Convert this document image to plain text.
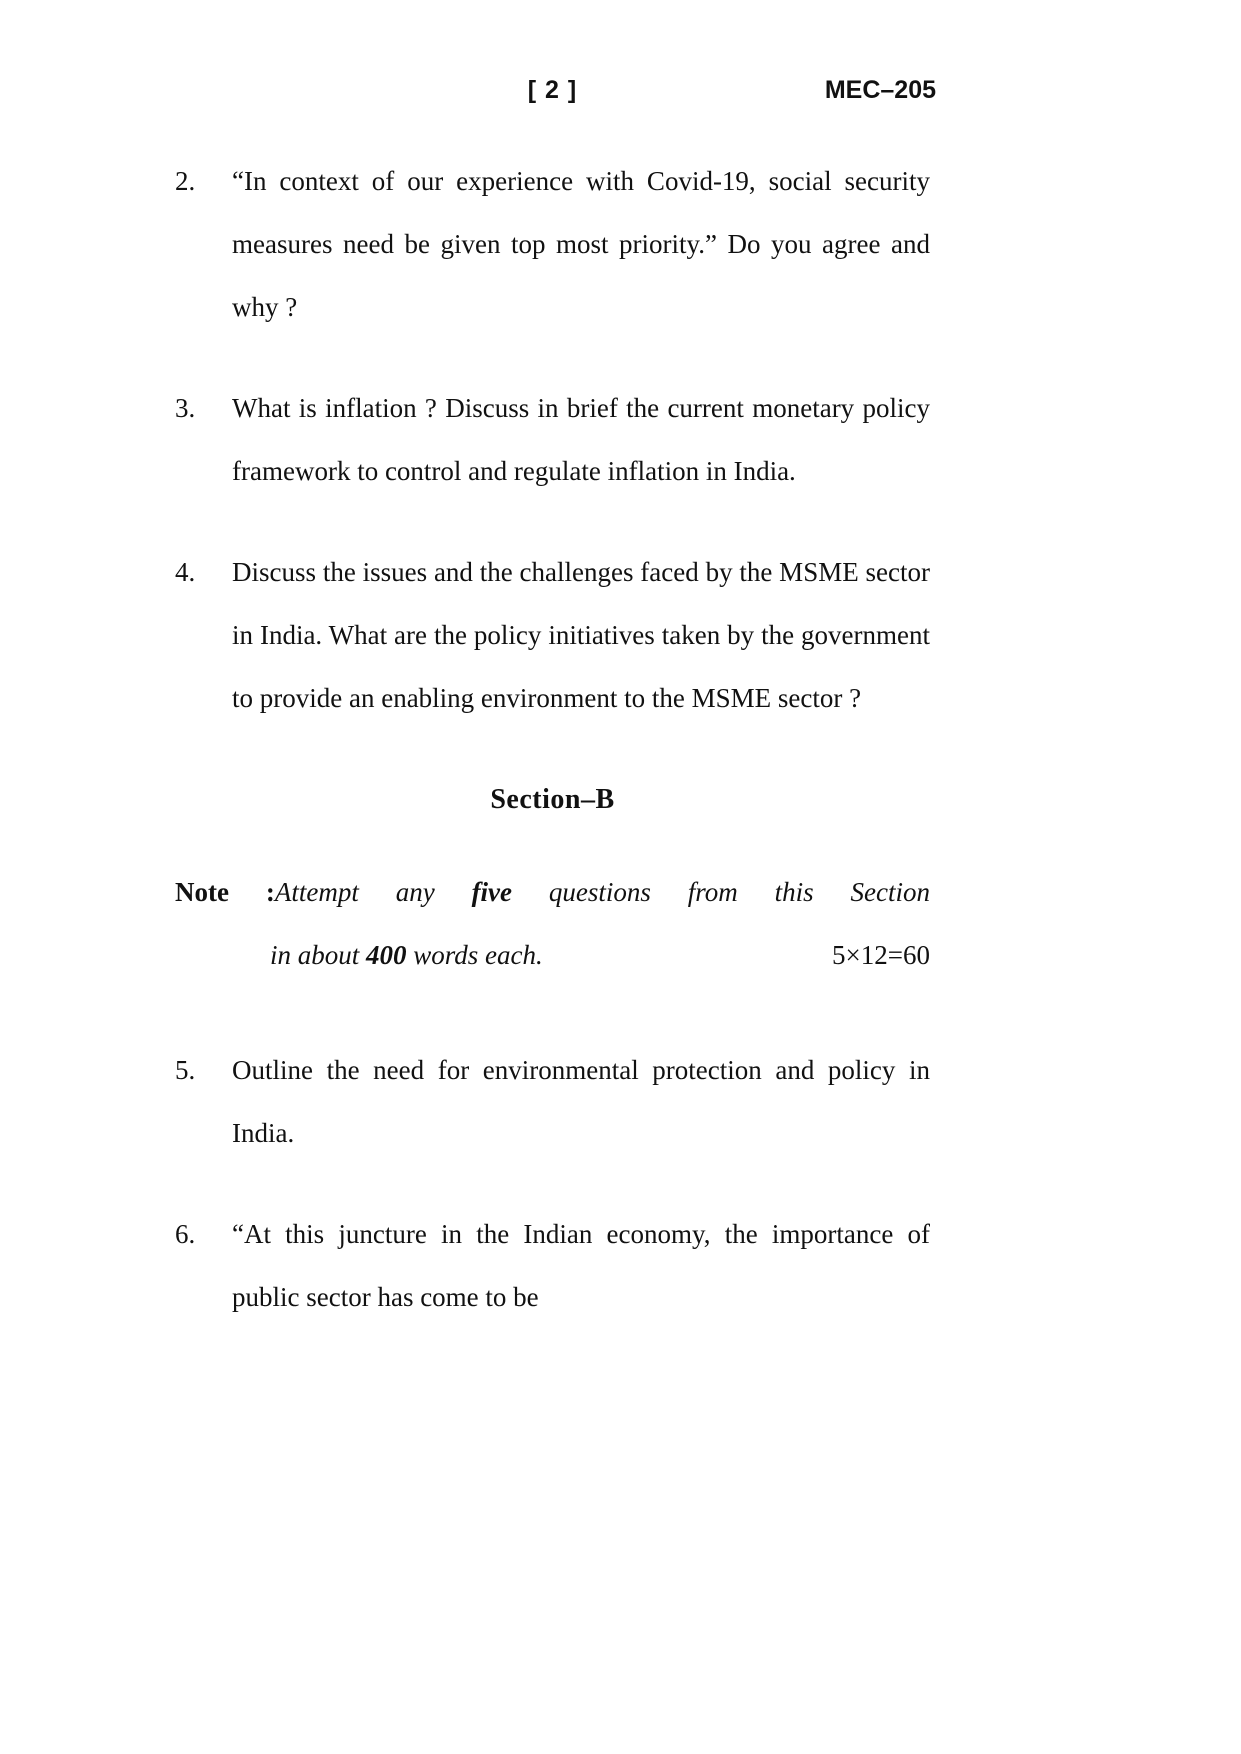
[ 2 ]	MEC–205
2.	“In context of our experience with Covid-19, social security measures need be given top most priority.” Do you agree and why ?
3.	What is inflation ? Discuss in brief the current monetary policy framework to control and regulate inflation in India.
4.	Discuss the issues and the challenges faced by the MSME sector in India. What are the policy initiatives taken by the government to provide an enabling environment to the MSME sector ?
Section–B
Note :Attempt any five questions from this Section
in about 400 words each.	5×12=60
5.	Outline the need for environmental protection and policy in India.
6.	“At this juncture in the Indian economy, the importance of public sector has come to be
